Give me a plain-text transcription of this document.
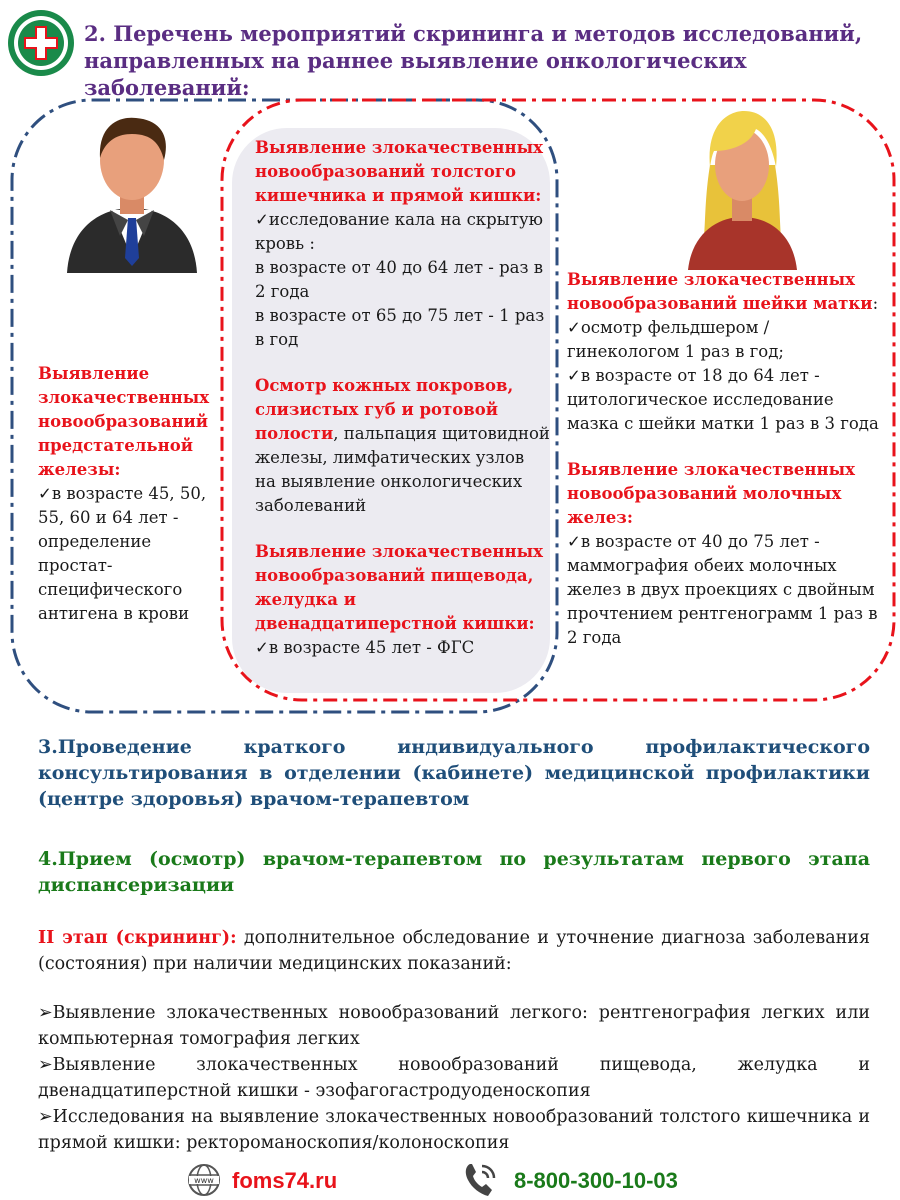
2. Перечень мероприятий скрининга и методов исследований,
направленных на раннее выявление онкологических заболеваний:

Выявление злокачественных новообразований предстательной железы:

✓в возрасте 45, 50, 55, 60 и 64 лет - определение простат-специфического антигена в крови

Выявление злокачественных новообразований толстого кишечника и прямой кишки:

✓исследование кала на скрытую кровь :

в возрасте от 40 до 64 лет - раз в 2 года

в возрасте от 65 до 75 лет - 1 раз в год

Осмотр кожных покровов, слизистых губ и ротовой полости, пальпация щитовидной железы, лимфатических узлов на выявление онкологических заболеваний

Выявление злокачественных новообразований пищевода, желудка и двенадцатиперстной кишки:

✓в возрасте 45 лет - ФГС

Выявление злокачественных новообразований шейки матки:

✓осмотр фельдшером / гинекологом 1 раз в год;

✓в возрасте от 18 до 64 лет - цитологическое исследование мазка с шейки матки 1 раз в 3 года

Выявление злокачественных новообразований молочных желез:

✓в возрасте от 40 до 75 лет - маммография обеих молочных желез в двух проекциях с двойным прочтением рентгенограмм 1 раз в 2 года

3.Проведение краткого индивидуального профилактического консультирования в отделении (кабинете) медицинской профилактики (центре здоровья) врачом-терапевтом
4.Прием (осмотр) врачом-терапевтом по результатам первого этапа диспансеризации
II этап (скрининг): дополнительное обследование и уточнение диагноза заболевания (состояния) при наличии медицинских показаний:

➢Выявление злокачественных новообразований легкого: рентгенография легких или компьютерная томография легких

➢Выявление злокачественных новообразований пищевода, желудка и двенадцатиперстной кишки - эзофагогастродуоденоскопия

➢Исследования на выявление злокачественных новообразований толстого кишечника и прямой кишки: ректороманоскопия/колоноскопия

www foms74.ru	8-800-300-10-03
